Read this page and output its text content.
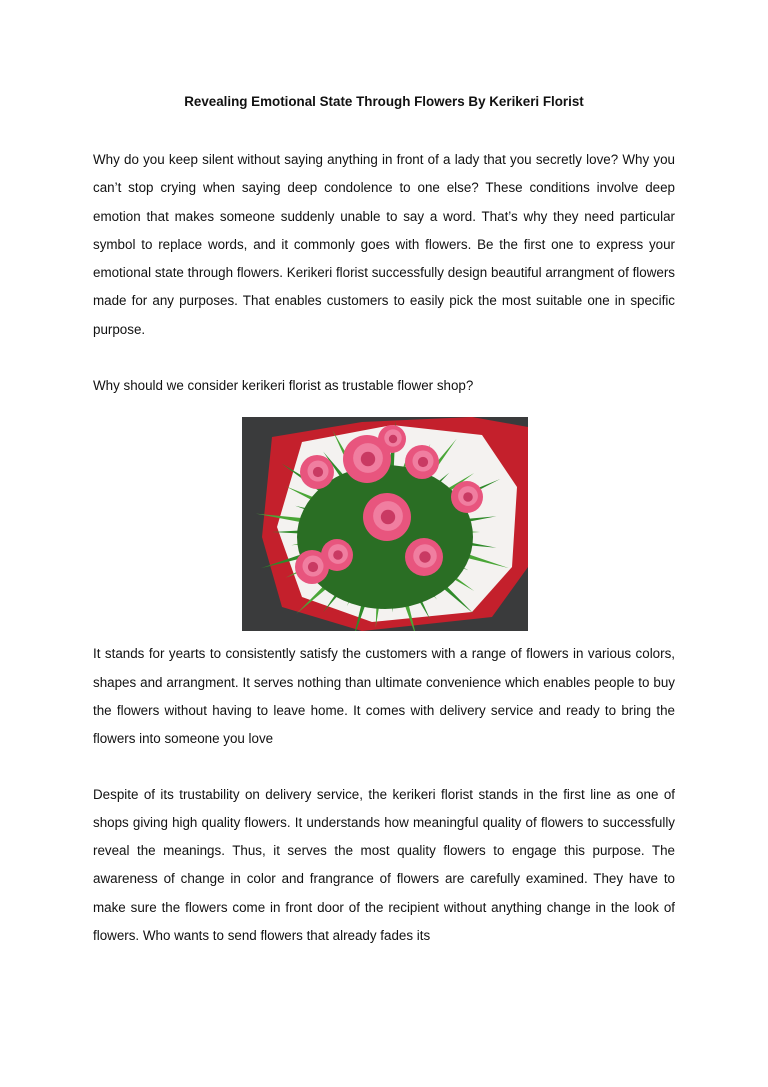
Revealing Emotional State Through Flowers By Kerikeri Florist

Why do you keep silent without saying anything in front of a lady that you secretly love? Why you can’t stop crying when saying deep condolence to one else? These conditions involve deep emotion that makes someone suddenly unable to say a word. That’s why they need particular symbol to replace words, and it commonly goes with flowers. Be the first one to express your emotional state through flowers. Kerikeri florist successfully design beautiful arrangment of flowers made for any purposes. That enables customers to easily pick the most suitable one in specific purpose.

Why should we consider kerikeri florist as trustable flower shop?

It stands for yearts to consistently satisfy the customers with a range of flowers in various colors, shapes and arrangment. It serves nothing than ultimate convenience which enables people to buy the flowers without having to leave home. It comes with delivery service and ready to bring the flowers into someone you love

Despite of its trustability on delivery service, the kerikeri florist stands in the first line as one of shops giving high quality flowers. It understands how meaningful quality of flowers to successfully reveal the meanings. Thus, it serves the most quality flowers to engage this purpose. The awareness of change in color and frangrance of flowers are carefully examined. They have to make sure the flowers come in front door of the recipient without anything change in the look of flowers. Who wants to send flowers that already fades its
